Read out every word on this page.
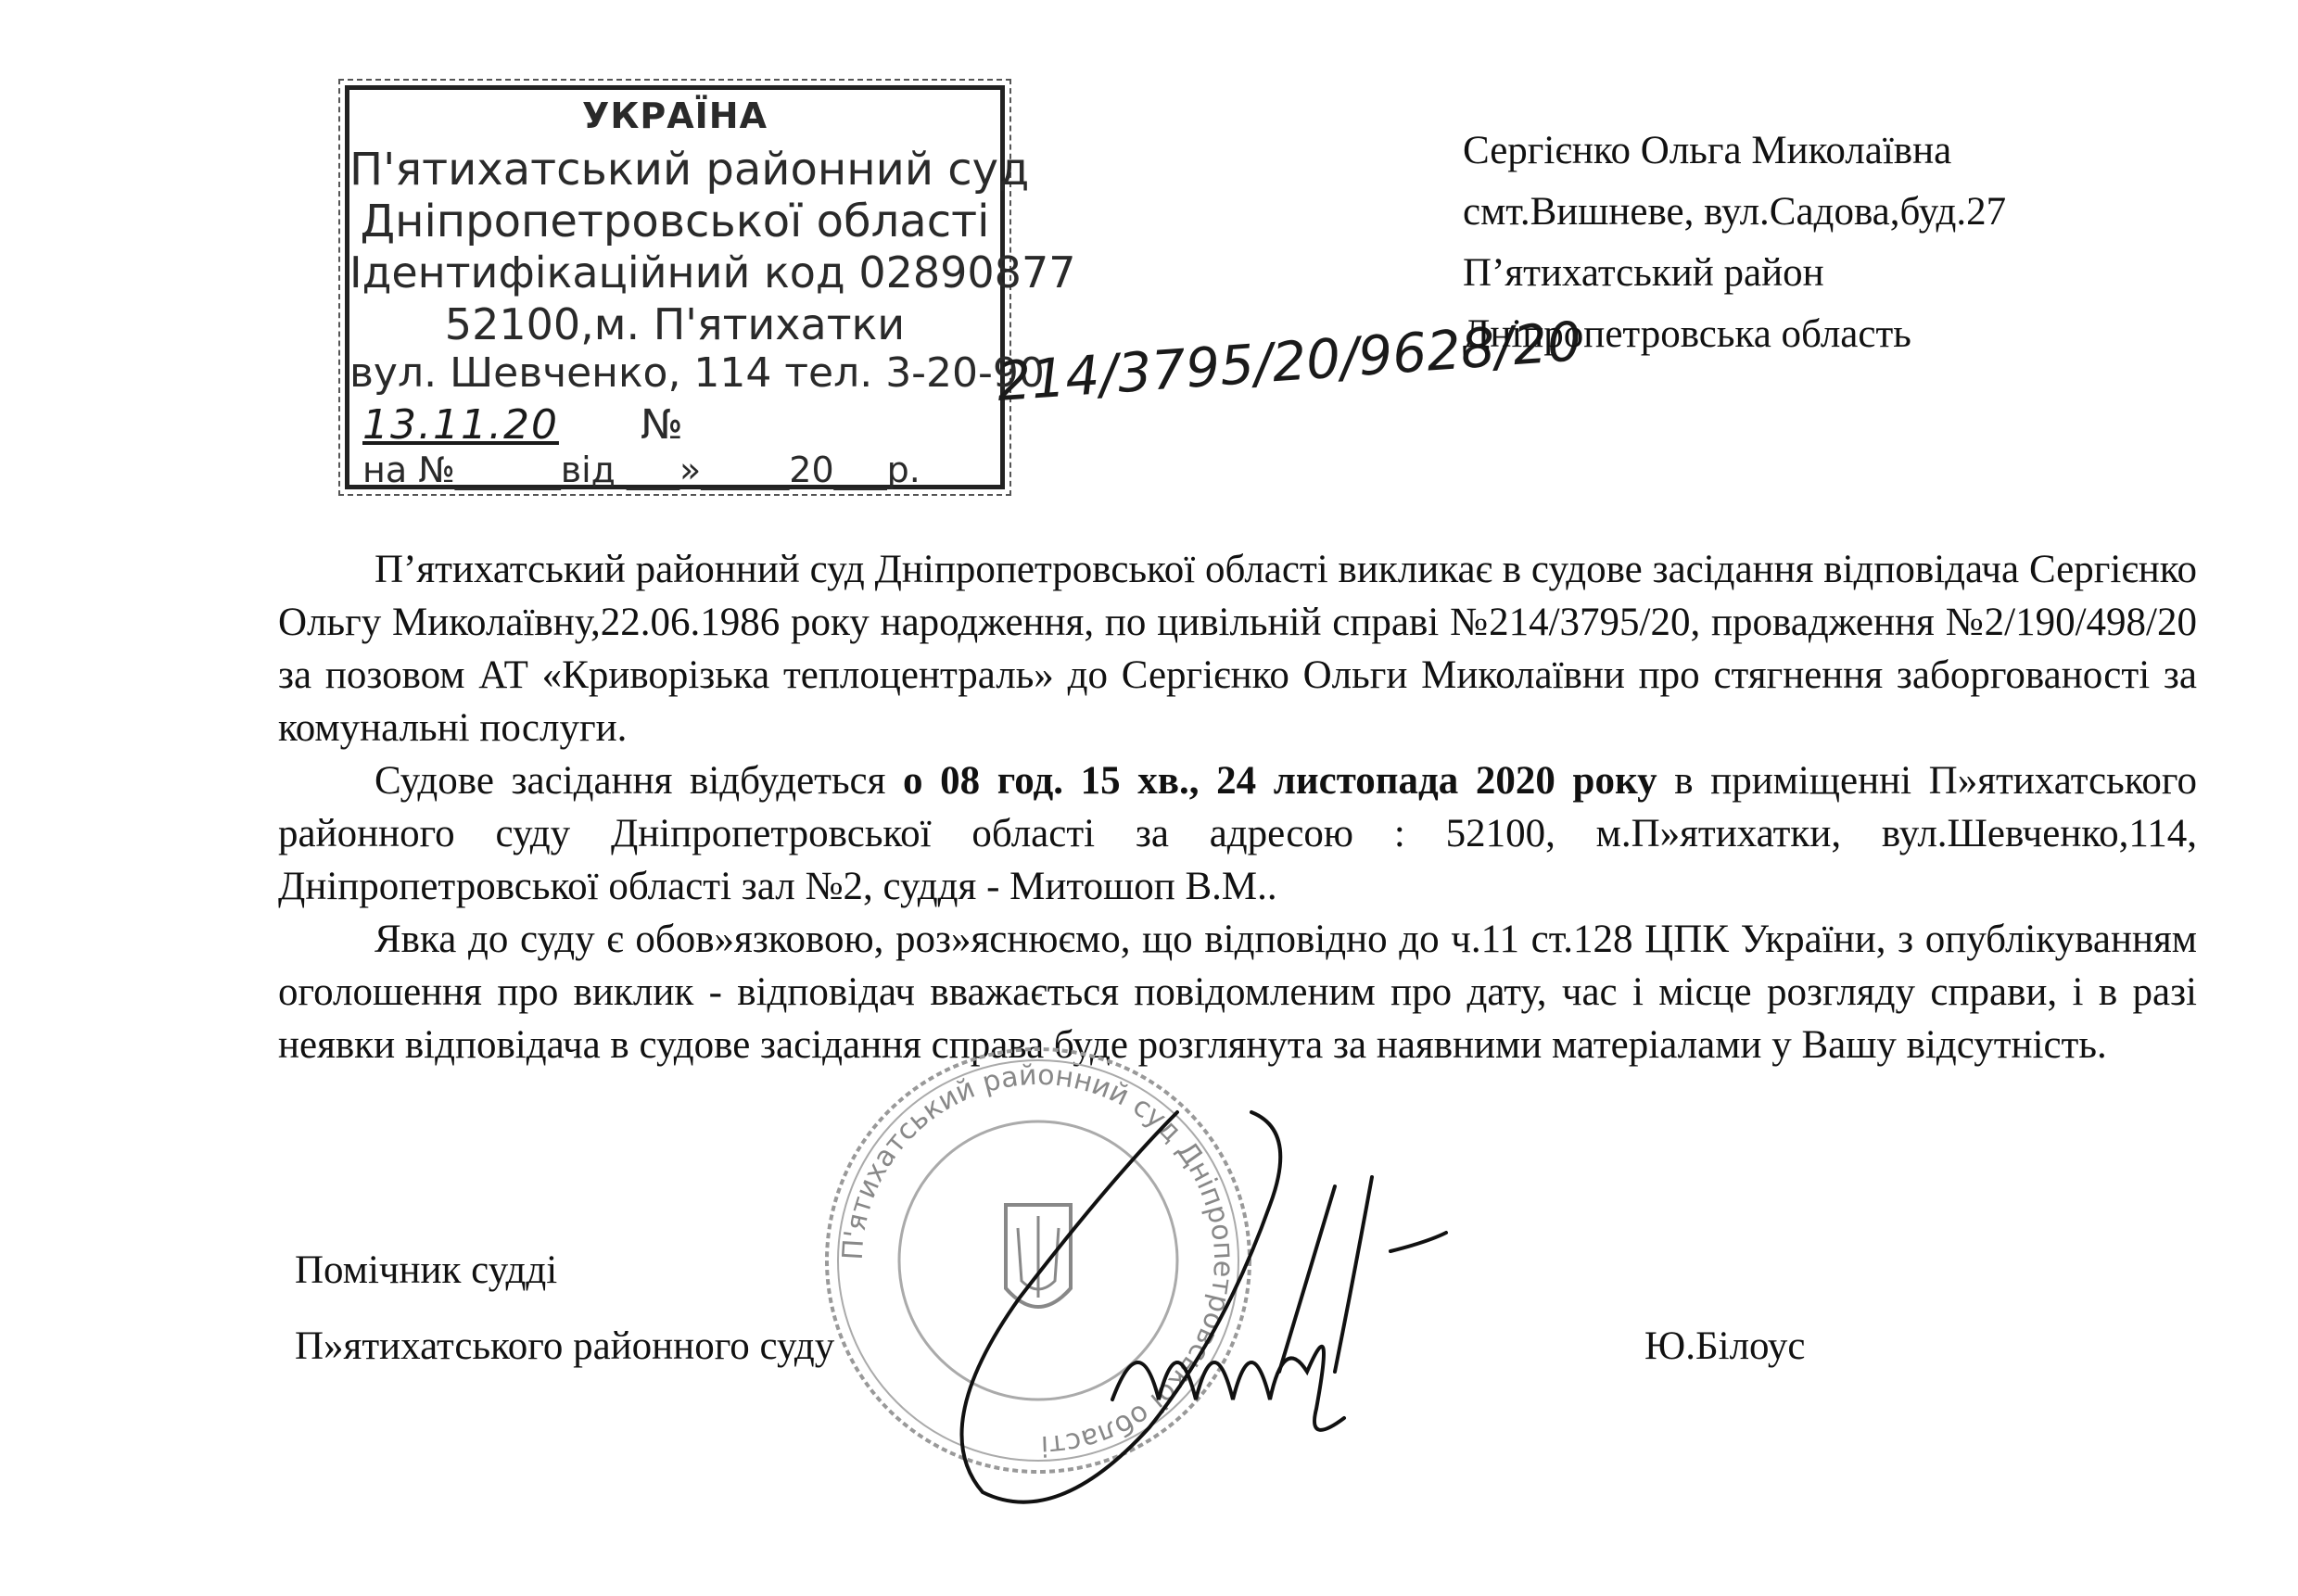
УКРАЇНА
П'ятихатський районний суд
Дніпропетровської області
Ідентифікаційний код 02890877
52100,м. П'ятихатки
вул. Шевченко, 114 тел. 3-20-90
13.11.20 №
на №______від ___»_____20___р.
214/3795/20/9628/20
Сергієнко Ольга Миколаївна
смт.Вишневе, вул.Садова,буд.27
П’ятихатський район
Дніпропетровська область

П’ятихатський районний суд Дніпропетровської області викликає в судове засідання відповідача Сергієнко Ольгу Миколаївну,22.06.1986 року народження, по цивільній справі №214/3795/20, провадження №2/190/498/20 за позовом АТ «Криворізька теплоцентраль» до Сергієнко Ольги Миколаївни про стягнення заборгованості за комунальні послуги.

Судове засідання відбудеться о 08 год. 15 хв., 24 листопада 2020 року в приміщенні П»ятихатського районного суду Дніпропетровської області за адресою : 52100, м.П»ятихатки, вул.Шевченко,114, Дніпропетровської області зал №2, суддя - Митошоп В.М..

Явка до суду є обов»язковою, роз»яснюємо, що відповідно до ч.11 ст.128 ЦПК України, з опублікуванням оголошення про виклик - відповідач вважається повідомленим про дату, час і місце розгляду справи, і в разі неявки відповідача в судове засідання справа буде розглянута за наявними матеріалами у Вашу відсутність.

П'ятихатський районний суд Дніпропетровської області
Помічник судді
П»ятихатського районного суду	Ю.Білоус
